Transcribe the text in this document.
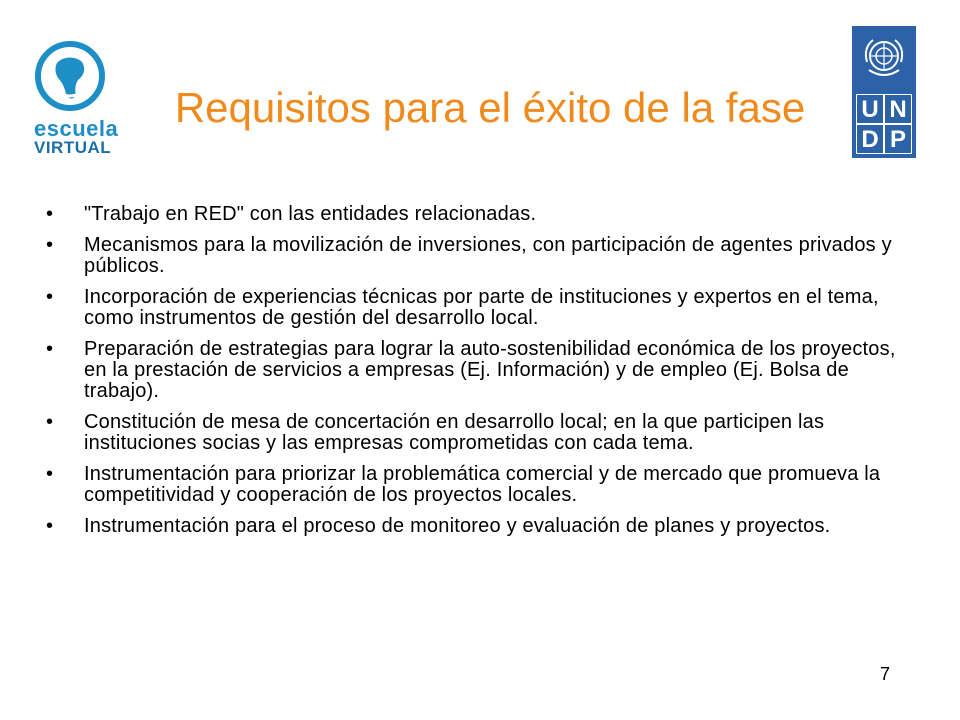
escuela
VIRTUAL
U N
D P
Requisitos para el éxito de la fase
• "Trabajo en RED" con las entidades relacionadas.
• Mecanismos para la movilización de inversiones, con participación de agentes privados y públicos.
• Incorporación de experiencias técnicas por parte de instituciones y expertos en el tema, como instrumentos de gestión del desarrollo local.
• Preparación de estrategias para lograr la auto-sostenibilidad económica de los proyectos, en la prestación de servicios a empresas (Ej. Información) y de empleo (Ej. Bolsa de trabajo).
• Constitución de mesa de concertación en desarrollo local; en la que participen las instituciones socias y las empresas comprometidas con cada tema.
• Instrumentación para priorizar la problemática comercial y de mercado que promueva la competitividad y cooperación de los proyectos locales.
• Instrumentación para el proceso de monitoreo y evaluación de planes y proyectos.
7
